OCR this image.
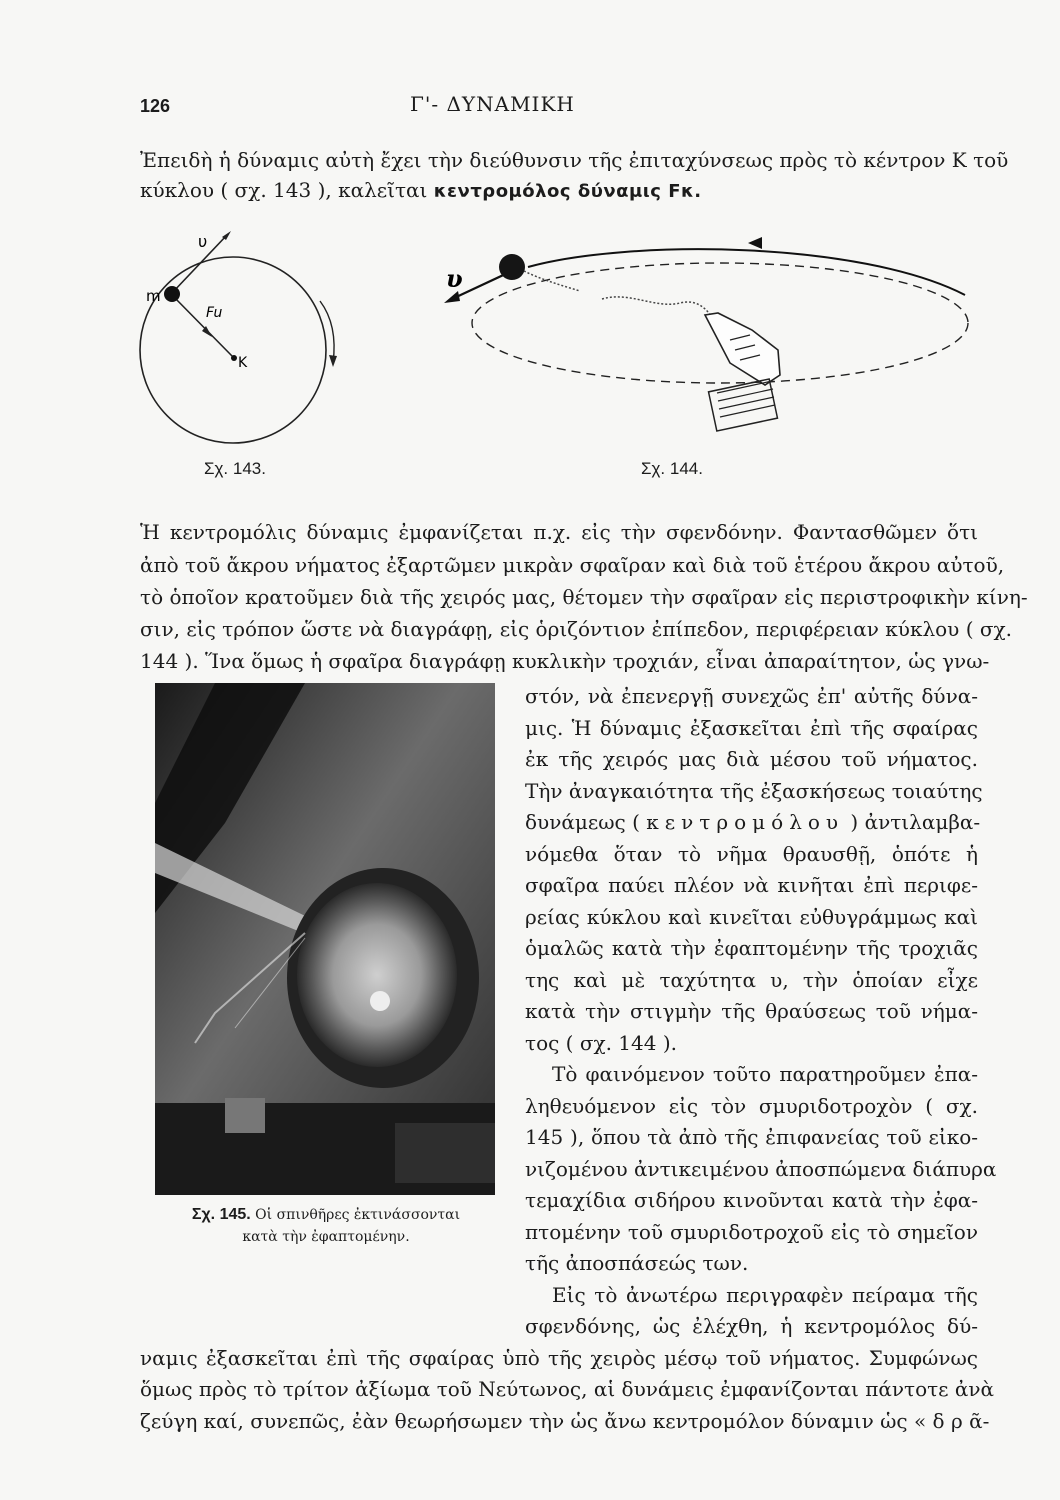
126	Γ'- ΔΥΝΑΜΙΚΗ
Ἐπειδὴ ἡ δύναμις αὐτὴ ἔχει τὴν διεύθυνσιν τῆς ἐπιταχύνσεως πρὸς τὸ κέντρον Κ τοῦ
κύκλου ( σχ. 143 ), καλεῖται κεντρομόλος δύναμις Fκ.
υ
m
Fu
K
Σχ. 143.
υ
Σχ. 144.
Ἡ κεντρομόλις δύναμις ἐμφανίζεται π.χ. εἰς τὴν σφενδόνην. Φαντασθῶμεν ὅτι
ἀπὸ τοῦ ἄκρου νήματος ἐξαρτῶμεν μικρὰν σφαῖραν καὶ διὰ τοῦ ἑτέρου ἄκρου αὐτοῦ,
τὸ ὁποῖον κρατοῦμεν διὰ τῆς χειρός μας, θέτομεν τὴν σφαῖραν εἰς περιστροφικὴν κίνη-
σιν, εἰς τρόπον ὥστε νὰ διαγράφῃ, εἰς ὁριζόντιον ἐπίπεδον, περιφέρειαν κύκλου ( σχ.
144 ). Ἵνα ὅμως ἡ σφαῖρα διαγράφῃ κυκλικὴν τροχιάν, εἶναι ἀπαραίτητον, ὡς γνω-
στόν, νὰ ἐπενεργῇ συνεχῶς ἐπ' αὐτῆς δύνα-
μις. Ἡ δύναμις ἐξασκεῖται ἐπὶ τῆς σφαίρας
ἐκ τῆς χειρός μας διὰ μέσου τοῦ νήματος.
Τὴν ἀναγκαιότητα τῆς ἐξασκήσεως τοιαύτης
δυνάμεως ( κεντρομόλου ) ἀντιλαμβα-
νόμεθα ὅταν τὸ νῆμα θραυσθῇ, ὁπότε ἡ
σφαῖρα παύει πλέον νὰ κινῆται ἐπὶ περιφε-
ρείας κύκλου καὶ κινεῖται εὐθυγράμμως καὶ
ὁμαλῶς κατὰ τὴν ἐφαπτομένην τῆς τροχιᾶς
της καὶ μὲ ταχύτητα υ, τὴν ὁποίαν εἶχε
κατὰ τὴν στιγμὴν τῆς θραύσεως τοῦ νήμα-
τος ( σχ. 144 ).
Τὸ φαινόμενον τοῦτο παρατηροῦμεν ἐπα-
ληθευόμενον εἰς τὸν σμυριδοτροχὸν ( σχ.
145 ), ὅπου τὰ ἀπὸ τῆς ἐπιφανείας τοῦ εἰκο-
νιζομένου ἀντικειμένου ἀποσπώμενα διάπυρα
τεμαχίδια σιδήρου κινοῦνται κατὰ τὴν ἐφα-
πτομένην τοῦ σμυριδοτροχοῦ εἰς τὸ σημεῖον
τῆς ἀποσπάσεώς των.
Σχ. 145. Οἱ σπινθῆρες ἐκτινάσσονται
κατὰ τὴν ἐφαπτομένην.
Εἰς τὸ ἀνωτέρω περιγραφὲν πείραμα τῆς
σφενδόνης, ὡς ἐλέχθη, ἡ κεντρομόλος δύ-
ναμις ἐξασκεῖται ἐπὶ τῆς σφαίρας ὑπὸ τῆς χειρὸς μέσῳ τοῦ νήματος. Συμφώνως
ὅμως πρὸς τὸ τρίτον ἀξίωμα τοῦ Νεύτωνος, αἱ δυνάμεις ἐμφανίζονται πάντοτε ἀνὰ
ζεύγη καί, συνεπῶς, ἐὰν θεωρήσωμεν τὴν ὡς ἄνω κεντρομόλον δύναμιν ὡς « δ ρ ᾶ-
